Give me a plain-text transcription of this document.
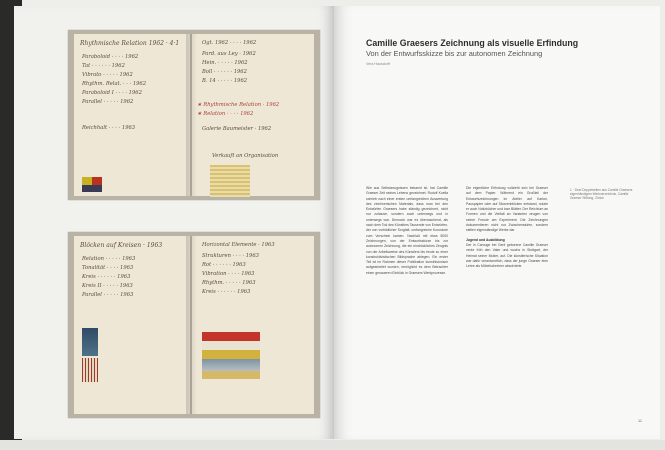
Rhythmische Relation 1962 · 4·1
Paraboloid · · · · 1962
Tat · · · · · · 1962
Vibrato · · · · · 1962
Rhythm. Relat. · · · 1962
Paraboloid I · · · · 1962
Parallel · · · · · 1962
Reichhalt · · · · 1963
Ogt. 1962 · · · · 1962
Pard. aus Ley · 1962
Hein. · · · · · 1962
Boll · · · · · · 1962
B. 14 · · · · · 1962
★ Rhythmische Relation · 1962
★ Relation · · · · 1962
Galerie Baumeister · 1962
Verkauft an Organisation
Blöcken auf Kreisen · 1963
Relation · · · · · 1963
Tonalität · · · · 1963
Kreis · · · · · · 1963
Kreis II · · · · · 1963
Parallel · · · · · 1963
Horizontal Elemente · 1963
Strukturen · · · · 1963
Rot · · · · · · 1963
Vibration · · · · 1963
Rhythm. · · · · · 1963
Kreis · · · · · · 1963
Camille Graesers Zeichnung als visuelle Erfindung
Von der Entwurfsskizze bis zur autonomen Zeichnung
Vera Hausdorff
1 · Zwei Doppelseiten aus Camille Graesers eigenhändigem Werkverzeichnis, Camille Graeser Stiftung, Zürich
Wie aus Selbstzeugnissen bekannt ist, hat Camille Graeser Zeit seines Lebens gezeichnet. Rudolf Koella schrieb nach einer ersten umfangreichen Auswertung des zeichnerischen Materials, dass man bei den Entwürfen Graesers habe ständig gezeichnet, nicht nur zuhause, sondern auch unterwegs und in unterwegs war. Dennoch war es überraschend, als nach dem Tod des Künstlers Tausende von Entwürfen, der von vorbildlicher Sorgfalt, umfangreiche Konvolute zum Vorschein kamen. Nachlaß mit etwa 8000 Zeichnungen, von der Entwurfsskizze bis zur autonomen Zeichnung, die ein eindrückliches Zeugnis von der Arbeitsweise des Künstlers bis heute zu einer konstruktivistischen Bildsprache ablegen. Ein erster Teil ist im Rahmen dieser Publikation kunsthistorisch aufgearbeitet worden, ermöglicht es dem Betrachter einen genaueren Einblick in Graesers Werkprozesse.
Die eigentliche Erfindung vollzieht sich bei Graeser auf dem Papier. Während ein Großteil der Entwurfszeichnungen im Atelier auf Karton, Pauspapier oder auf Skizzenblöcken entstand, nutzte er auch Notizbücher und lose Blätter. Der Reichtum an Formen und die Vielfalt an Varianten zeugen von seiner Freude am Experiment. Die Zeichnungen dokumentieren nicht nur Zwischenstufen, sondern stellen eigenständige Werke dar.
Jugend und Ausbildung
Der in Carouge bei Genf geborene Camille Graeser verlor früh den Vater und wuchs in Stuttgart, der Heimat seiner Mutter, auf. Die künstlerische Situation war dafür verantwortlich, dass der junge Graeser eine Lehre als Möbelschreiner absolvierte.
11
